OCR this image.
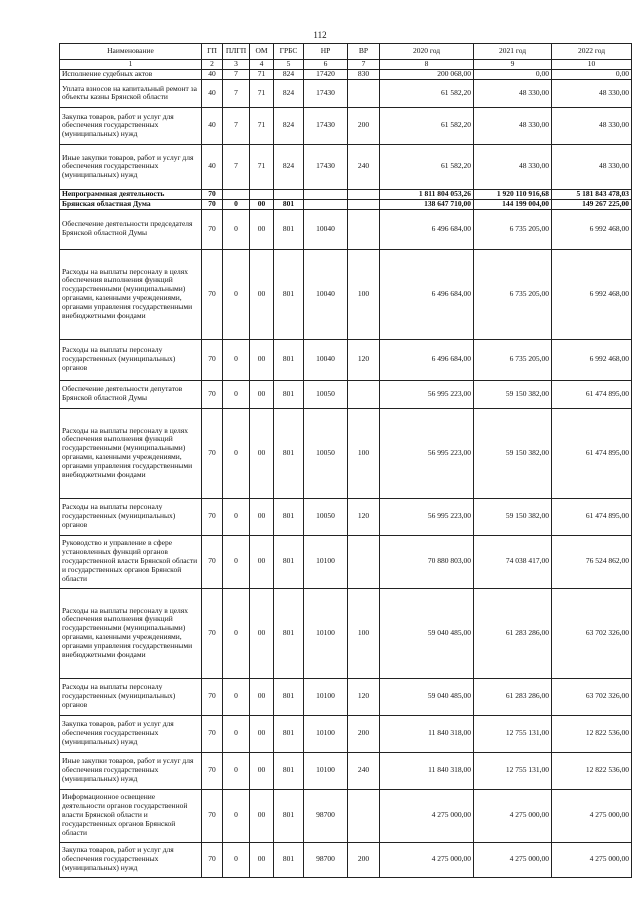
112
Наименование	ГП	ПЛГП	ОМ	ГРБС	НР	ВР	2020 год	2021 год	2022 год
1	2	3	4	5	6	7	8	9	10
Исполнение судебных актов	40	7	71	824	17420	830	200 068,00	0,00	0,00
Уплата взносов на капитальный ремонт за объекты казны Брянской области	40	7	71	824	17430		61 582,20	48 330,00	48 330,00
Закупка товаров, работ и услуг для обеспечения государственных (муниципальных) нужд	40	7	71	824	17430	200	61 582,20	48 330,00	48 330,00
Иные закупки товаров, работ и услуг для обеспечения государственных (муниципальных) нужд	40	7	71	824	17430	240	61 582,20	48 330,00	48 330,00
Непрограммная деятельность	70						1 811 804 053,26	1 920 110 916,68	5 181 843 478,03
Брянская областная Дума	70	0	00	801			138 647 710,00	144 199 004,00	149 267 225,00
Обеспечение деятельности председателя Брянской областной Думы	70	0	00	801	10040		6 496 684,00	6 735 205,00	6 992 468,00
Расходы на выплаты персоналу в целях обеспечения выполнения функций государственными (муниципальными) органами, казенными учреждениями, органами управления государственными внебюджетными фондами	70	0	00	801	10040	100	6 496 684,00	6 735 205,00	6 992 468,00
Расходы на выплаты персоналу государственных (муниципальных) органов	70	0	00	801	10040	120	6 496 684,00	6 735 205,00	6 992 468,00
Обеспечение деятельности депутатов Брянской областной Думы	70	0	00	801	10050		56 995 223,00	59 150 382,00	61 474 895,00
Расходы на выплаты персоналу в целях обеспечения выполнения функций государственными (муниципальными) органами, казенными учреждениями, органами управления государственными внебюджетными фондами	70	0	00	801	10050	100	56 995 223,00	59 150 382,00	61 474 895,00
Расходы на выплаты персоналу государственных (муниципальных) органов	70	0	00	801	10050	120	56 995 223,00	59 150 382,00	61 474 895,00
Руководство и управление в сфере установленных функций органов государственной власти Брянской области и государственных органов Брянской области	70	0	00	801	10100		70 880 803,00	74 038 417,00	76 524 862,00
Расходы на выплаты персоналу в целях обеспечения выполнения функций государственными (муниципальными) органами, казенными учреждениями, органами управления государственными внебюджетными фондами	70	0	00	801	10100	100	59 040 485,00	61 283 286,00	63 702 326,00
Расходы на выплаты персоналу государственных (муниципальных) органов	70	0	00	801	10100	120	59 040 485,00	61 283 286,00	63 702 326,00
Закупка товаров, работ и услуг для обеспечения государственных (муниципальных) нужд	70	0	00	801	10100	200	11 840 318,00	12 755 131,00	12 822 536,00
Иные закупки товаров, работ и услуг для обеспечения государственных (муниципальных) нужд	70	0	00	801	10100	240	11 840 318,00	12 755 131,00	12 822 536,00
Информационное освещение деятельности органов государственной власти Брянской области и государственных органов Брянской области	70	0	00	801	98700		4 275 000,00	4 275 000,00	4 275 000,00
Закупка товаров, работ и услуг для обеспечения государственных (муниципальных) нужд	70	0	00	801	98700	200	4 275 000,00	4 275 000,00	4 275 000,00
